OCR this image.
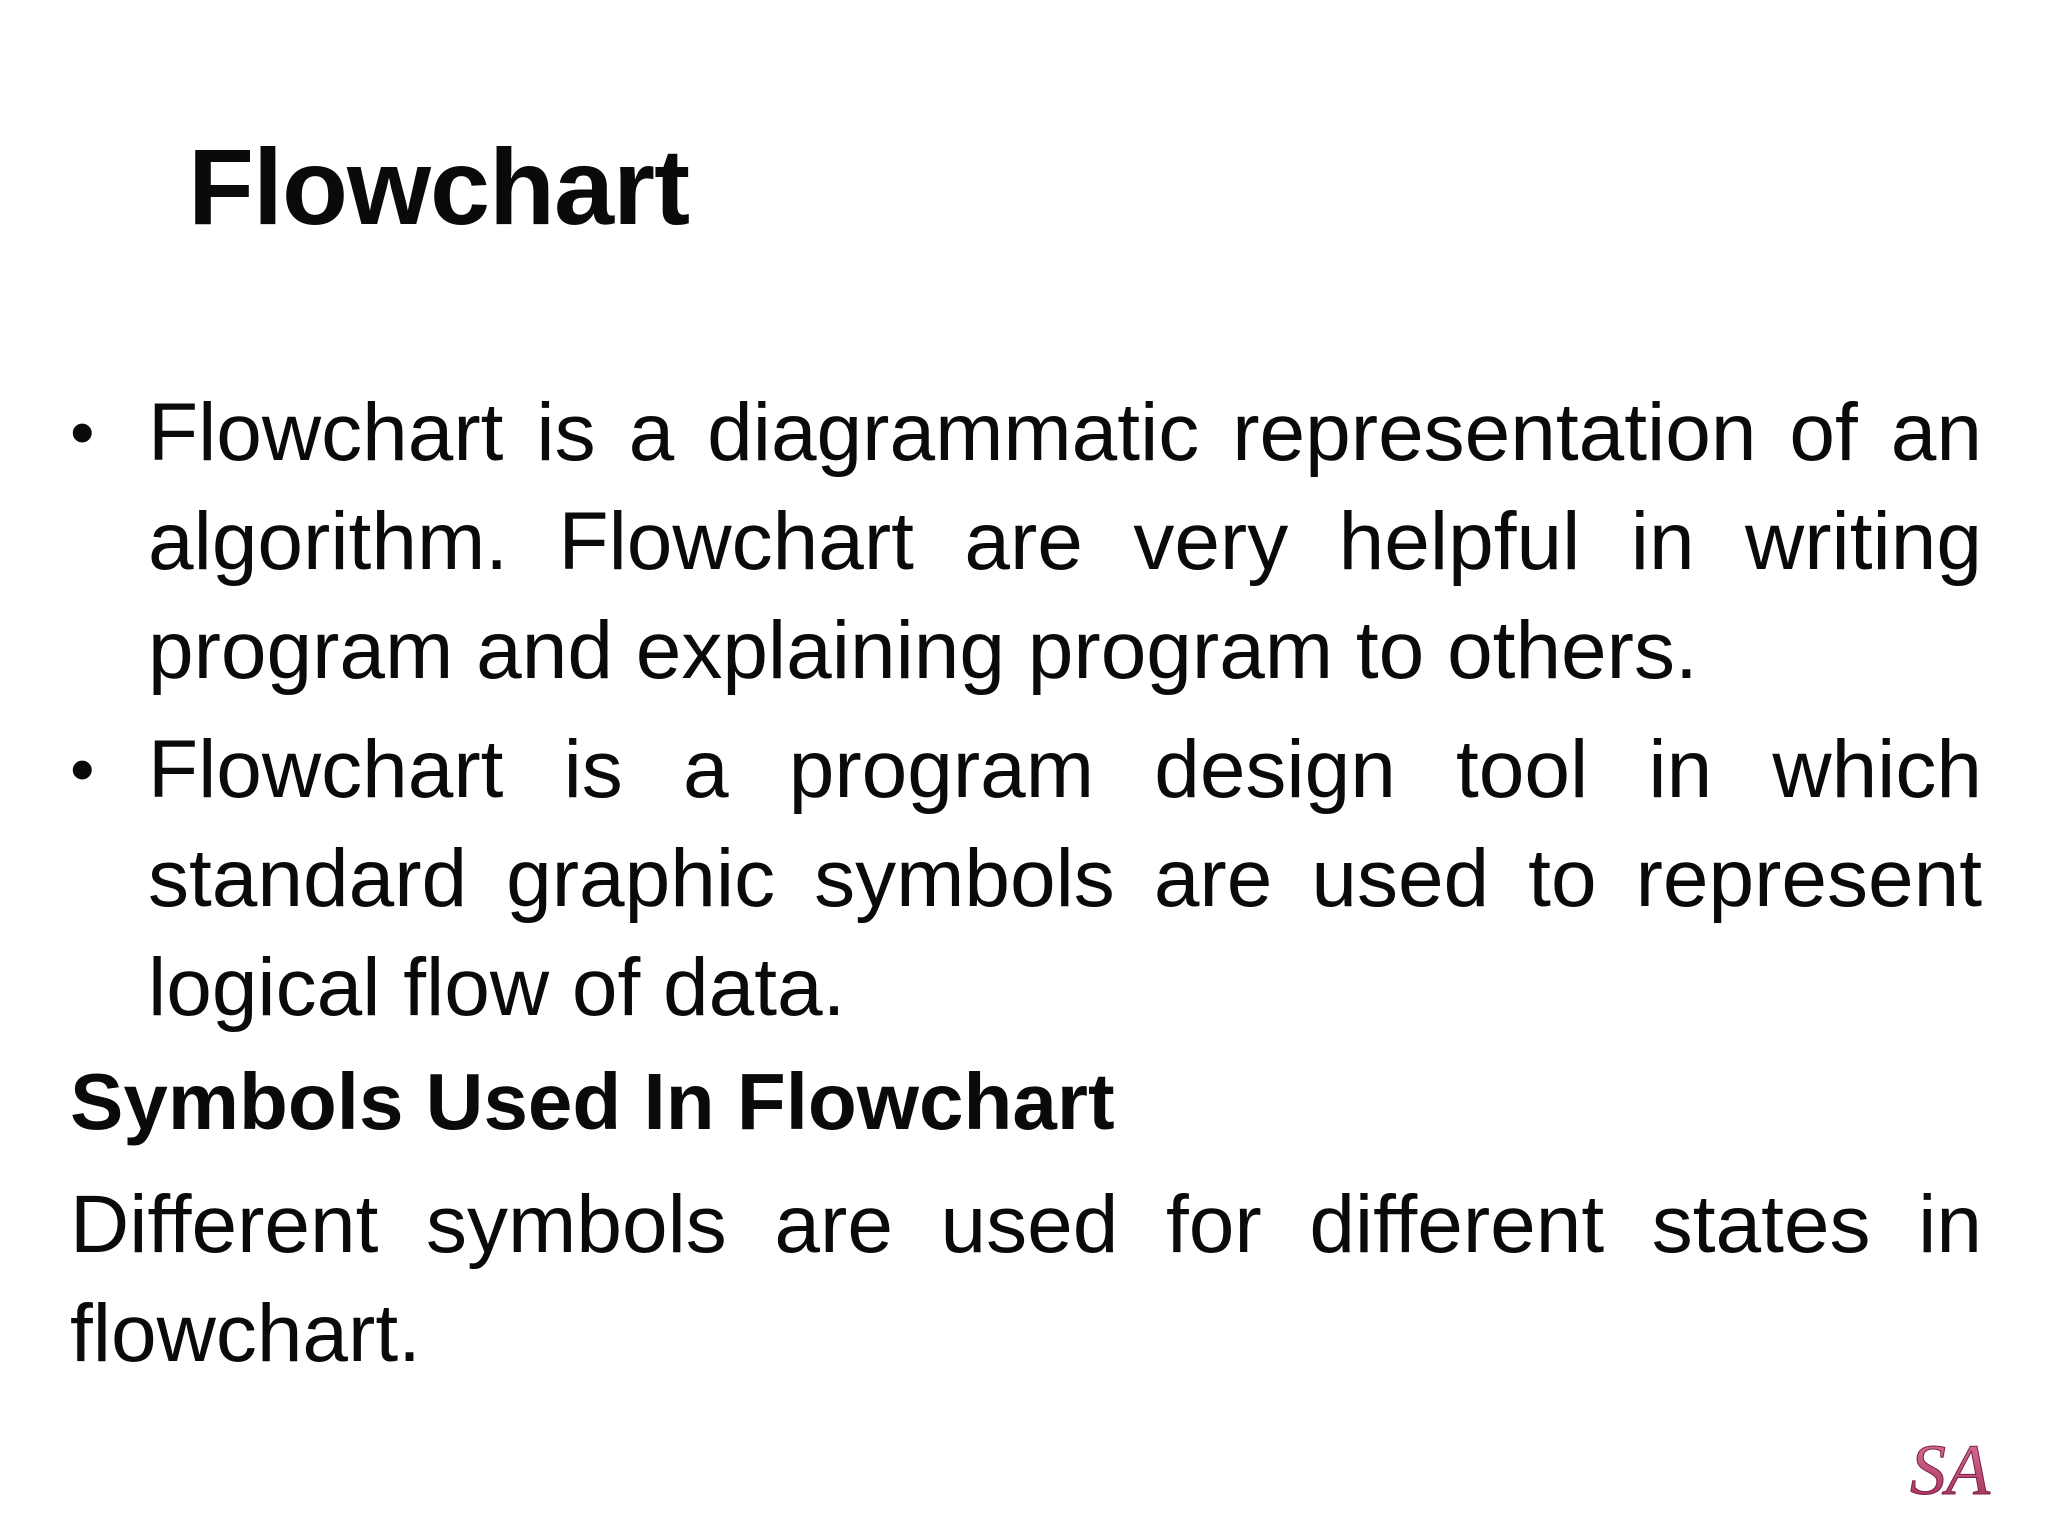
Flowchart
• Flowchart is a diagrammatic representation of an algorithm. Flowchart are very helpful in writing program and explaining program to others.
• Flowchart is a program design tool in which standard graphic symbols are used to represent logical flow of data.
Symbols Used In Flowchart
Different symbols are used for different states in flowchart.
SA
